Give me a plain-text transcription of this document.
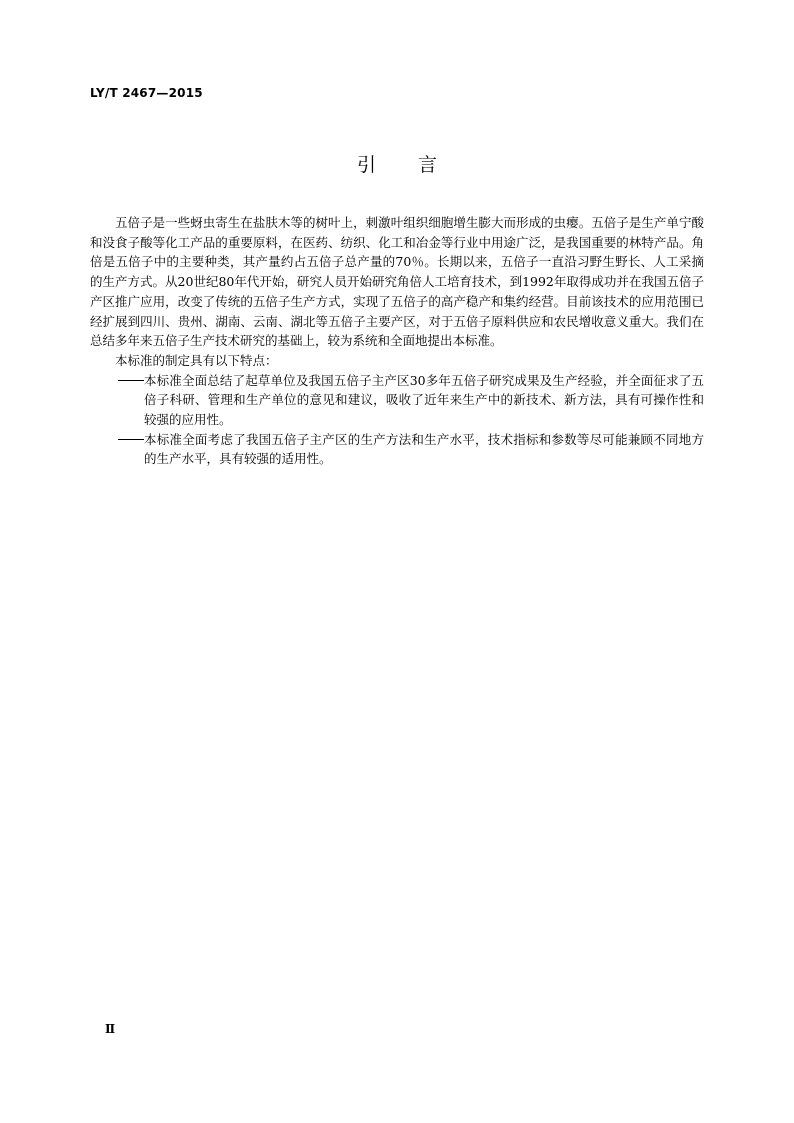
LY/T 2467—2015
引言

五倍子是一些蚜虫寄生在盐肤木等的树叶上，刺激叶组织细胞增生膨大而形成的虫瘿。五倍子是生产单宁酸和没食子酸等化工产品的重要原料，在医药、纺织、化工和冶金等行业中用途广泛，是我国重要的林特产品。角倍是五倍子中的主要种类，其产量约占五倍子总产量的70％。长期以来，五倍子一直沿习野生野长、人工采摘的生产方式。从20世纪80年代开始，研究人员开始研究角倍人工培育技术，到1992年取得成功并在我国五倍子产区推广应用，改变了传统的五倍子生产方式，实现了五倍子的高产稳产和集约经营。目前该技术的应用范围已经扩展到四川、贵州、湖南、云南、湖北等五倍子主要产区，对于五倍子原料供应和农民增收意义重大。我们在总结多年来五倍子生产技术研究的基础上，较为系统和全面地提出本标准。

本标准的制定具有以下特点：

本标准全面总结了起草单位及我国五倍子主产区30多年五倍子研究成果及生产经验，并全面征求了五倍子科研、管理和生产单位的意见和建议，吸收了近年来生产中的新技术、新方法，具有可操作性和较强的应用性。
本标准全面考虑了我国五倍子主产区的生产方法和生产水平，技术指标和参数等尽可能兼顾不同地方的生产水平，具有较强的适用性。
Ⅱ
